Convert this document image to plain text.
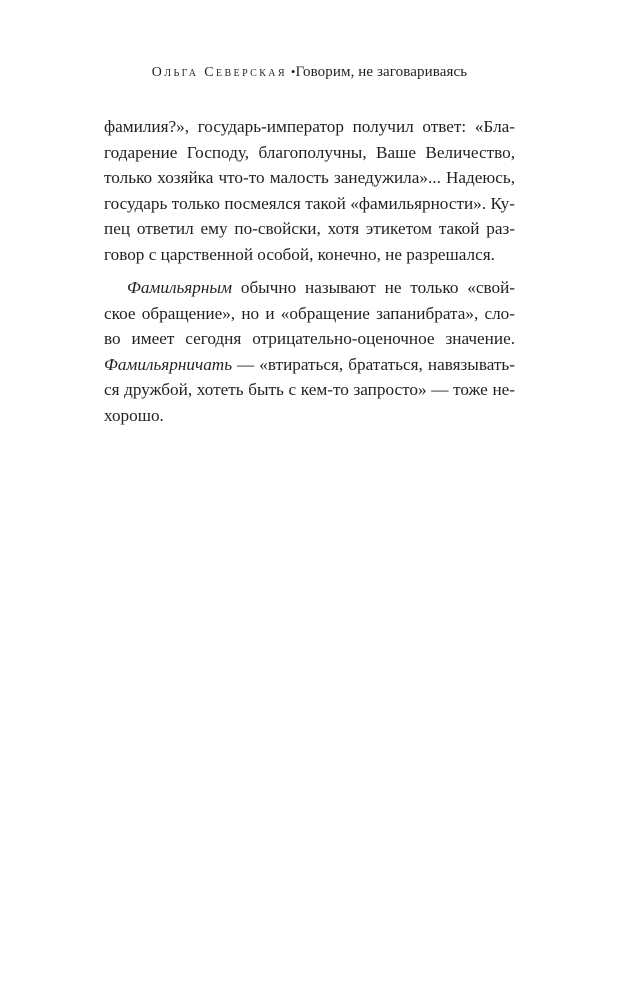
Ольга Северская •Говорим, не заговариваясь
фамилия?», государь-император получил ответ: «Бла-
годарение Господу, благополучны, Ваше Величество,
только хозяйка что-то малость занедужила»... Надеюсь,
государь только посмеялся такой «фамильярности». Ку-
пец ответил ему по-свойски, хотя этикетом такой раз-
говор с царственной особой, конечно, не разрешался.
Фамильярным обычно называют не только «свой-
ское обращение», но и «обращение запанибрата», сло-
во имеет сегодня отрицательно-оценочное значение.
Фамильярничать — «втираться, брататься, навязывать-
ся дружбой, хотеть быть с кем-то запросто» — тоже не-
хорошо.
